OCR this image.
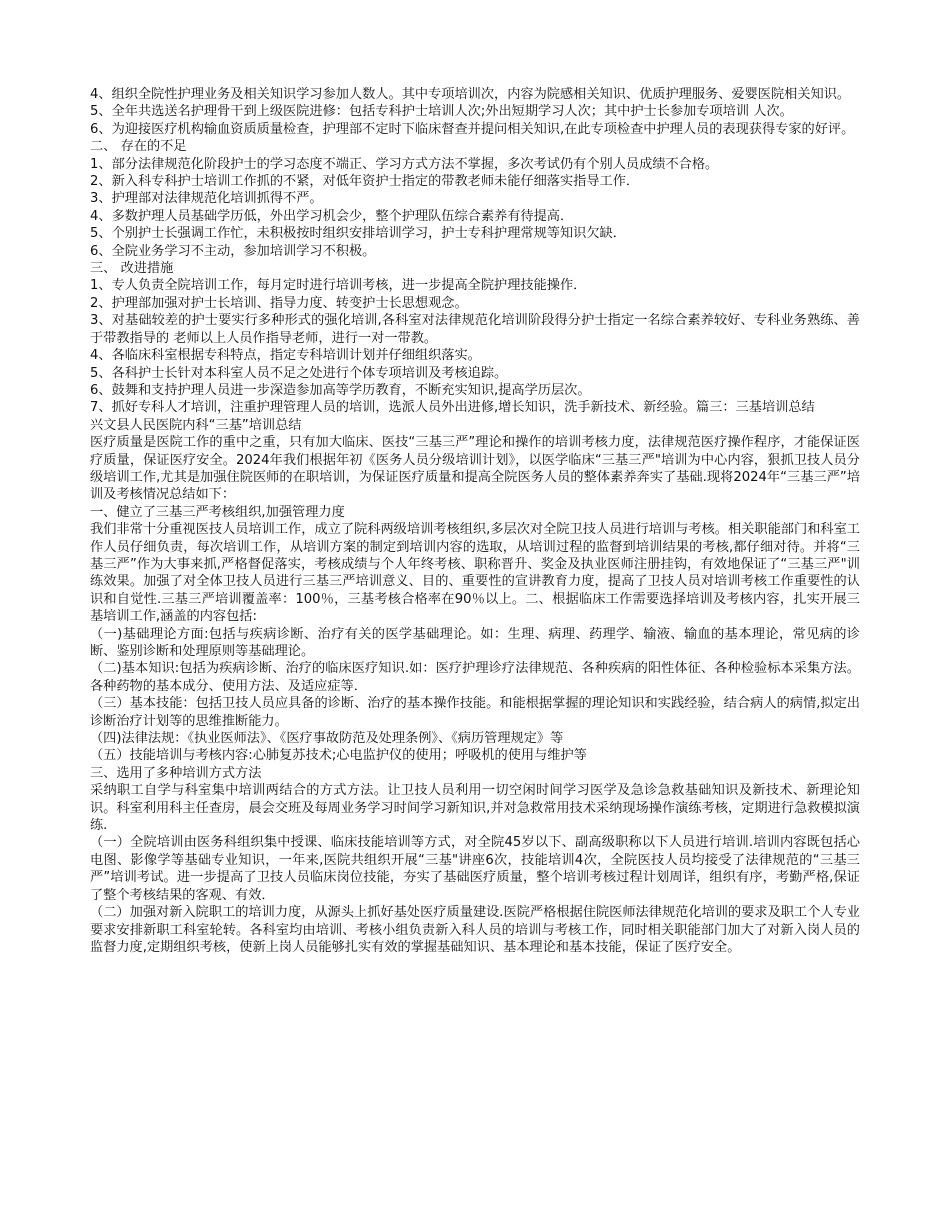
4、组织全院性护理业务及相关知识学习参加人数人。其中专项培训次，内容为院感相关知识、优质护理服务、爱婴医院相关知识。

5、全年共选送名护理骨干到上级医院进修：包括专科护士培训人次;外出短期学习人次；其中护士长参加专项培训 人次。

6、为迎接医疗机构输血资质质量检查，护理部不定时下临床督查并提问相关知识,在此专项检查中护理人员的表现获得专家的好评。

二、 存在的不足

1、部分法律规范化阶段护士的学习态度不端正、学习方式方法不掌握，多次考试仍有个别人员成绩不合格。

2、新入科专科护士培训工作抓的不紧，对低年资护士指定的带教老师未能仔细落实指导工作．

3、护理部对法律规范化培训抓得不严。

4、多数护理人员基础学历低，外出学习机会少，整个护理队伍综合素养有待提高．

5、个别护士长强调工作忙，未积极按时组织安排培训学习，护士专科护理常规等知识欠缺．

6、全院业务学习不主动，参加培训学习不积极。

三、 改进措施

1、专人负责全院培训工作，每月定时进行培训考核，进一步提高全院护理技能操作．

2、护理部加强对护士长培训、指导力度、转变护士长思想观念。

3、对基础较差的护士要实行多种形式的强化培训,各科室对法律规范化培训阶段得分护士指定一名综合素养较好、专科业务熟练、善于带教指导的 老师以上人员作指导老师，进行一对一带教。

4、各临床科室根据专科特点，指定专科培训计划并仔细组织落实。

5、各科护士长针对本科室人员不足之处进行个体专项培训及考核追踪。

6、鼓舞和支持护理人员进一步深造参加高等学历教育，不断充实知识,提高学历层次。

7、抓好专科人才培训，注重护理管理人员的培训，选派人员外出进修,增长知识，洗手新技术、新经验。篇三：三基培训总结

兴文县人民医院内科“三基”培训总结

医疗质量是医院工作的重中之重，只有加大临床、医技“三基三严”理论和操作的培训考核力度，法律规范医疗操作程序，才能保证医疗质量，保证医疗安全。2024年我们根据年初《医务人员分级培训计划》，以医学临床“三基三严"培训为中心内容，狠抓卫技人员分级培训工作,尤其是加强住院医师的在职培训，为保证医疗质量和提高全院医务人员的整体素养奔实了基础.现将2024年“三基三严”培训及考核情况总结如下：

一、健立了三基三严考核组织,加强管理力度

我们非常十分重视医技人员培训工作，成立了院科两级培训考核组织,多层次对全院卫技人员进行培训与考核。相关职能部门和科室工作人员仔细负责，每次培训工作，从培训方案的制定到培训内容的选取，从培训过程的监督到培训结果的考核,都仔细对待。并将“三基三严”作为大事来抓,严格督促落实，考核成绩与个人年终考核、职称晋升、奖金及执业医师注册挂钩，有效地保证了“三基三严"训练效果。加强了对全体卫技人员进行三基三严培训意义、目的、重要性的宣讲教育力度，提高了卫技人员对培训考核工作重要性的认识和自觉性.三基三严培训覆盖率：100％，三基考核合格率在90％以上。二、根据临床工作需要选择培训及考核内容，扎实开展三基培训工作,涵盖的内容包括:

（一)基础理论方面:包括与疾病诊断、治疗有关的医学基础理论。如：生理、病理、药理学、输液、输血的基本理论，常见病的诊断、鉴别诊断和处理原则等基础理论。

（二)基本知识:包括为疾病诊断、治疗的临床医疗知识.如：医疗护理诊疗法律规范、各种疾病的阳性体征、各种检验标本采集方法。各种药物的基本成分、使用方法、及适应症等．

（三）基本技能：包括卫技人员应具备的诊断、治疗的基本操作技能。和能根据掌握的理论知识和实践经验，结合病人的病情,拟定出诊断治疗计划等的思维推断能力。

（四)法律法规：《执业医师法》、《医疗事故防范及处理条例》、《病历管理规定》等

（五）技能培训与考核内容:心肺复苏技术;心电监护仪的使用；呼吸机的使用与维护等

三、选用了多种培训方式方法

采纳职工自学与科室集中培训两结合的方式方法。让卫技人员利用一切空闲时间学习医学及急诊急救基础知识及新技术、新理论知识。科室利用科主任查房，晨会交班及每周业务学习时间学习新知识,并对急救常用技术采纳现场操作演练考核，定期进行急救模拟演练.

（一）全院培训由医务科组织集中授课、临床技能培训等方式，对全院45岁以下、副高级职称以下人员进行培训.培训内容既包括心电图、影像学等基础专业知识，一年来,医院共组织开展“三基"讲座6次，技能培训4次，全院医技人员均接受了法律规范的“三基三严”培训考试。进一步提高了卫技人员临床岗位技能，夯实了基础医疗质量，整个培训考核过程计划周详，组织有序，考勤严格,保证了整个考核结果的客观、有效．

（二）加强对新入院职工的培训力度，从源头上抓好基处医疗质量建设.医院严格根据住院医师法律规范化培训的要求及职工个人专业要求安排新职工科室轮转。各科室均由培训、考核小组负责新入科人员的培训与考核工作，同时相关职能部门加大了对新入岗人员的监督力度,定期组织考核，使新上岗人员能够扎实有效的掌握基础知识、基本理论和基本技能，保证了医疗安全。
